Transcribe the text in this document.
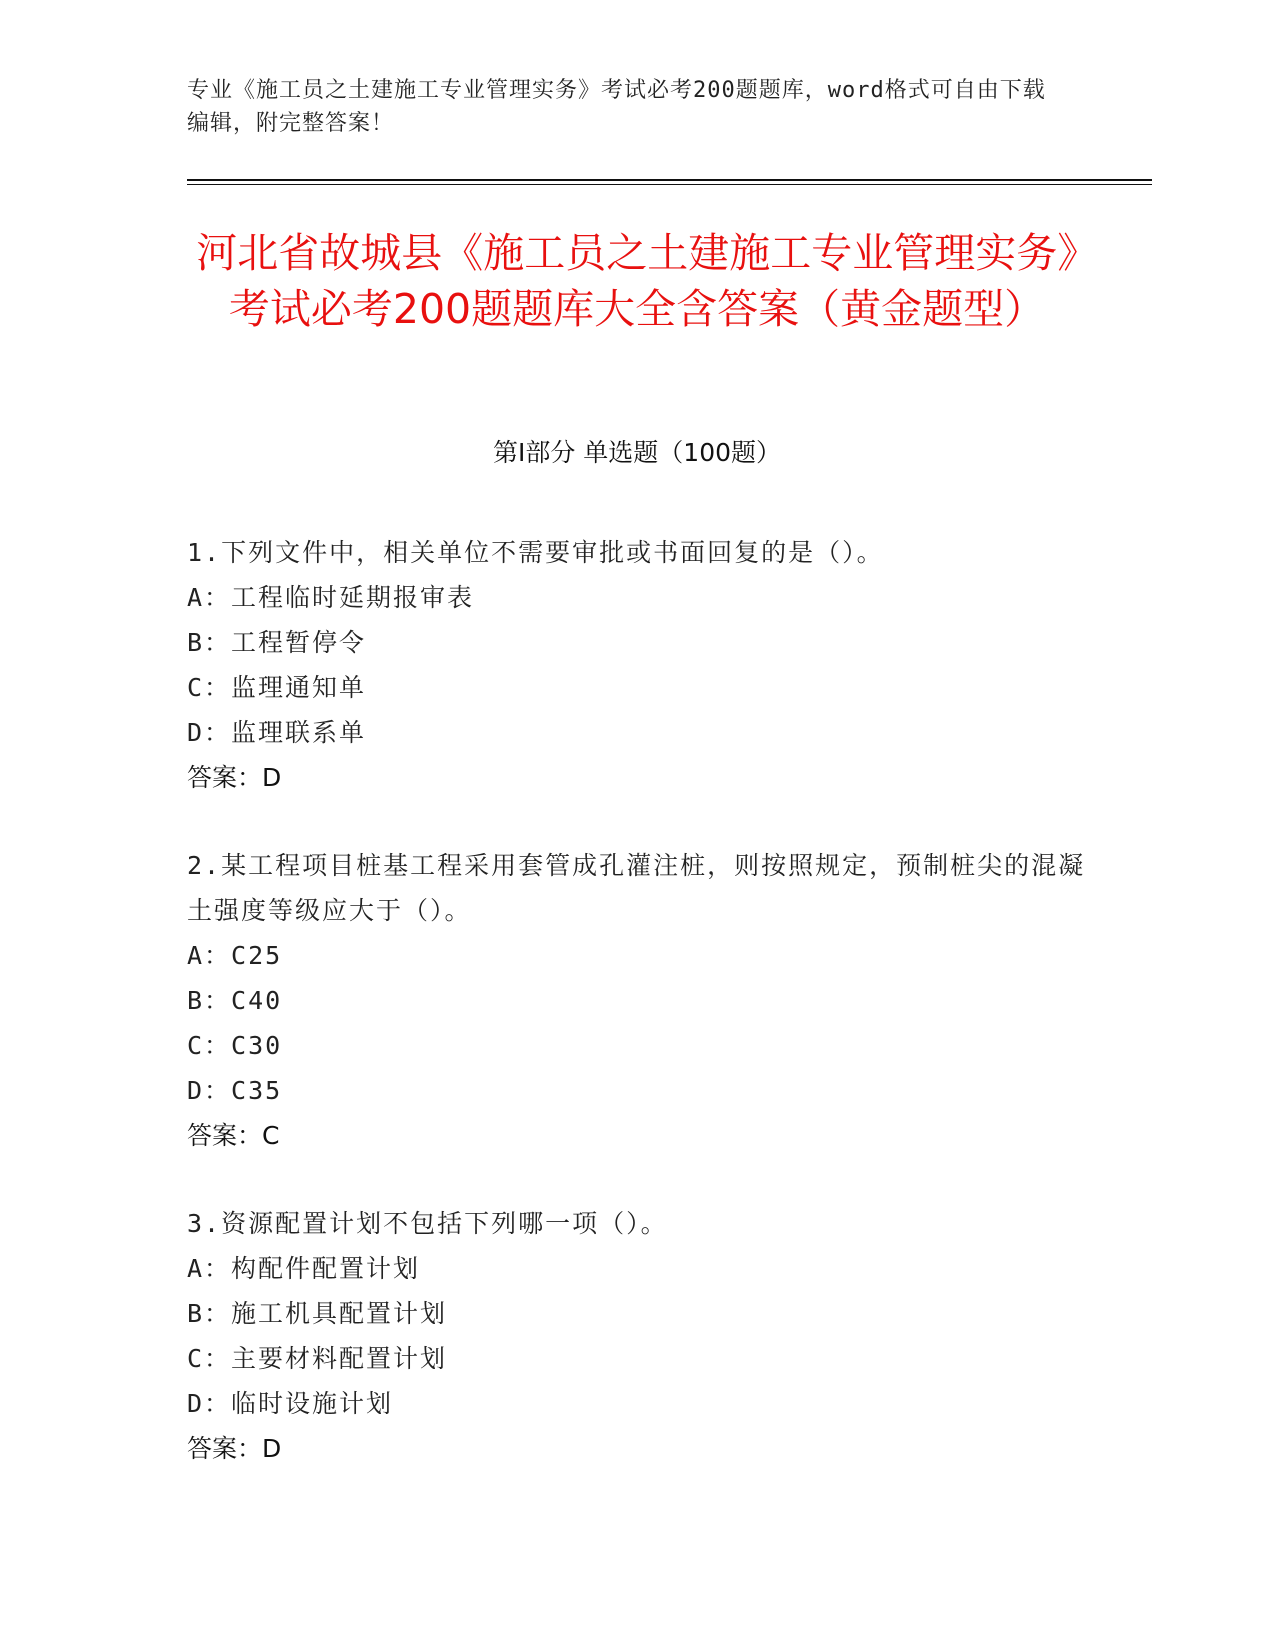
专业《施工员之土建施工专业管理实务》考试必考200题题库，word格式可自由下载编辑，附完整答案！
河北省故城县《施工员之土建施工专业管理实务》考试必考200题题库大全含答案（黄金题型）
第I部分 单选题（100题）
1.下列文件中，相关单位不需要审批或书面回复的是（）。
A：工程临时延期报审表
B：工程暂停令
C：监理通知单
D：监理联系单
答案：D
2.某工程项目桩基工程采用套管成孔灌注桩，则按照规定，预制桩尖的混凝土强度等级应大于（）。
A：C25
B：C40
C：C30
D：C35
答案：C
3.资源配置计划不包括下列哪一项（）。
A：构配件配置计划
B：施工机具配置计划
C：主要材料配置计划
D：临时设施计划
答案：D
